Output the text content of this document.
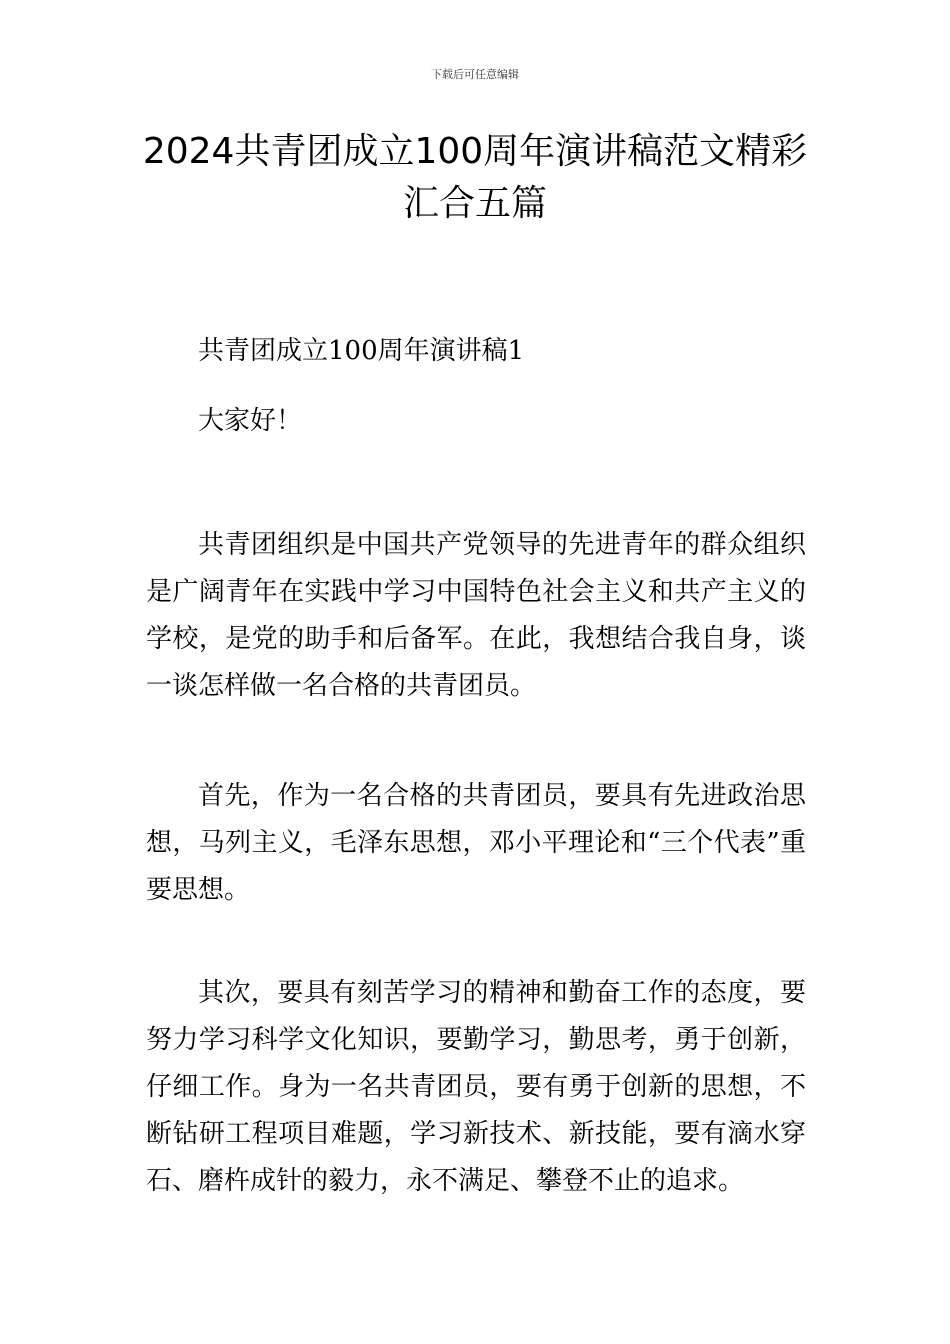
下载后可任意编辑
2024共青团成立100周年演讲稿范文精彩汇合五篇

共青团成立100周年演讲稿1

大家好！

共青团组织是中国共产党领导的先进青年的群众组织是广阔青年在实践中学习中国特色社会主义和共产主义的学校，是党的助手和后备军。在此，我想结合我自身，谈一谈怎样做一名合格的共青团员。

首先，作为一名合格的共青团员，要具有先进政治思想，马列主义，毛泽东思想，邓小平理论和“三个代表”重要思想。

其次，要具有刻苦学习的精神和勤奋工作的态度，要努力学习科学文化知识，要勤学习，勤思考，勇于创新，仔细工作。身为一名共青团员，要有勇于创新的思想，不断钻研工程项目难题，学习新技术、新技能，要有滴水穿石、磨杵成针的毅力，永不满足、攀登不止的追求。
